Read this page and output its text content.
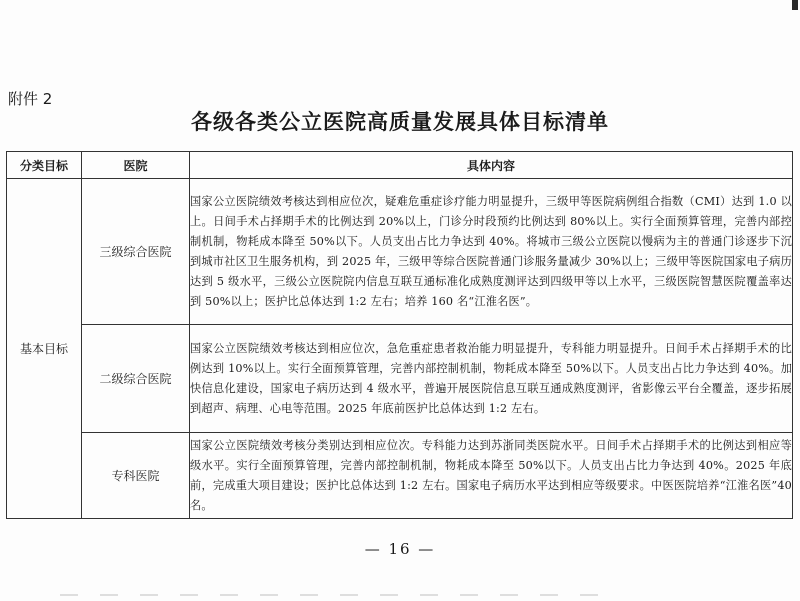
附件 2
各级各类公立医院高质量发展具体目标清单
分类目标	医院	具体内容
基本目标	三级综合医院	国家公立医院绩效考核达到相应位次，疑难危重症诊疗能力明显提升，三级甲等医院病例组合指数（CMI）达到 1.0 以上。日间手术占择期手术的比例达到 20%以上，门诊分时段预约比例达到 80%以上。实行全面预算管理，完善内部控制机制，物耗成本降至 50%以下。人员支出占比力争达到 40%。将城市三级公立医院以慢病为主的普通门诊逐步下沉到城市社区卫生服务机构，到 2025 年，三级甲等综合医院普通门诊服务量减少 30%以上；三级甲等医院国家电子病历达到 5 级水平，三级公立医院院内信息互联互通标准化成熟度测评达到四级甲等以上水平，三级医院智慧医院覆盖率达到 50%以上；医护比总体达到 1:2 左右；培养 160 名“江淮名医”。
	二级综合医院	国家公立医院绩效考核达到相应位次，急危重症患者救治能力明显提升，专科能力明显提升。日间手术占择期手术的比例达到 10%以上。实行全面预算管理，完善内部控制机制，物耗成本降至 50%以下。人员支出占比力争达到 40%。加快信息化建设，国家电子病历达到 4 级水平，普遍开展医院信息互联互通成熟度测评，省影像云平台全覆盖，逐步拓展到超声、病理、心电等范围。2025 年底前医护比总体达到 1:2 左右。
	专科医院	国家公立医院绩效考核分类别达到相应位次。专科能力达到苏浙同类医院水平。日间手术占择期手术的比例达到相应等级水平。实行全面预算管理，完善内部控制机制，物耗成本降至 50%以下。人员支出占比力争达到 40%。2025 年底前，完成重大项目建设；医护比总体达到 1:2 左右。国家电子病历水平达到相应等级要求。中医医院培养“江淮名医”40 名。
— 16 —
